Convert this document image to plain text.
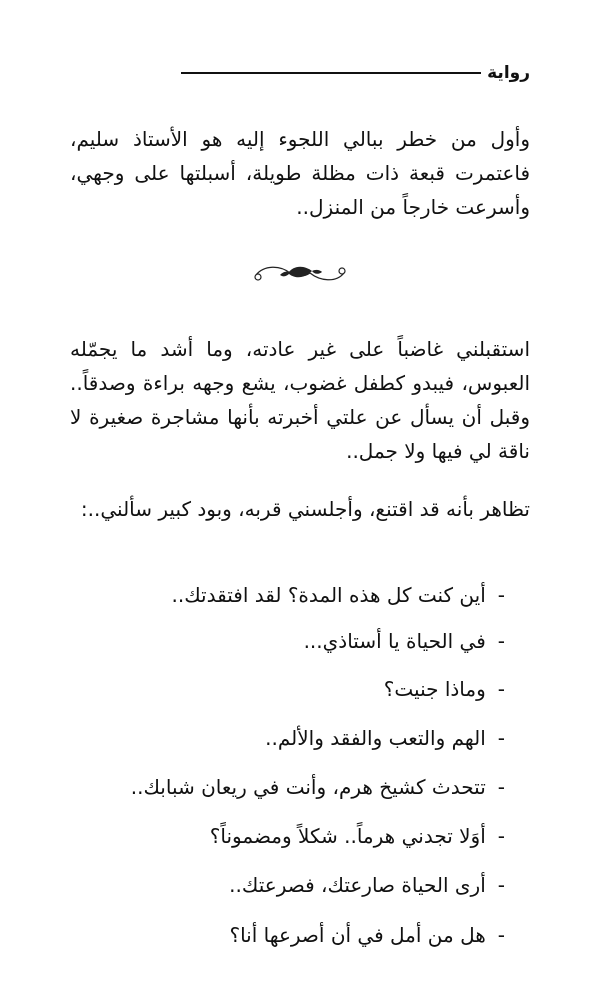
رواية

وأول من خطر ببالي اللجوء إليه هو الأستاذ سليم، فاعتمرت قبعة ذات مظلة طويلة، أسبلتها على وجهي، وأسرعت خارجاً من المنزل..

استقبلني غاضباً على غير عادته، وما أشد ما يجمّله العبوس، فيبدو كطفل غضوب، يشع وجهه براءة وصدقاً.. وقبل أن يسأل عن علتي أخبرته بأنها مشاجرة صغيرة لا ناقة لي فيها ولا جمل..

تظاهر بأنه قد اقتنع، وأجلسني قربه، وبود كبير سألني..:

-
أين كنت كل هذه المدة؟ لقد افتقدتك..
-
في الحياة يا أستاذي...
-
وماذا جنيت؟
-
الهم والتعب والفقد والألم..
-
تتحدث كشيخ هرم، وأنت في ريعان شبابك..
-
أوَلا تجدني هرماً.. شكلاً ومضموناً؟
-
أرى الحياة صارعتك، فصرعتك..
-
هل من أمل في أن أصرعها أنا؟
